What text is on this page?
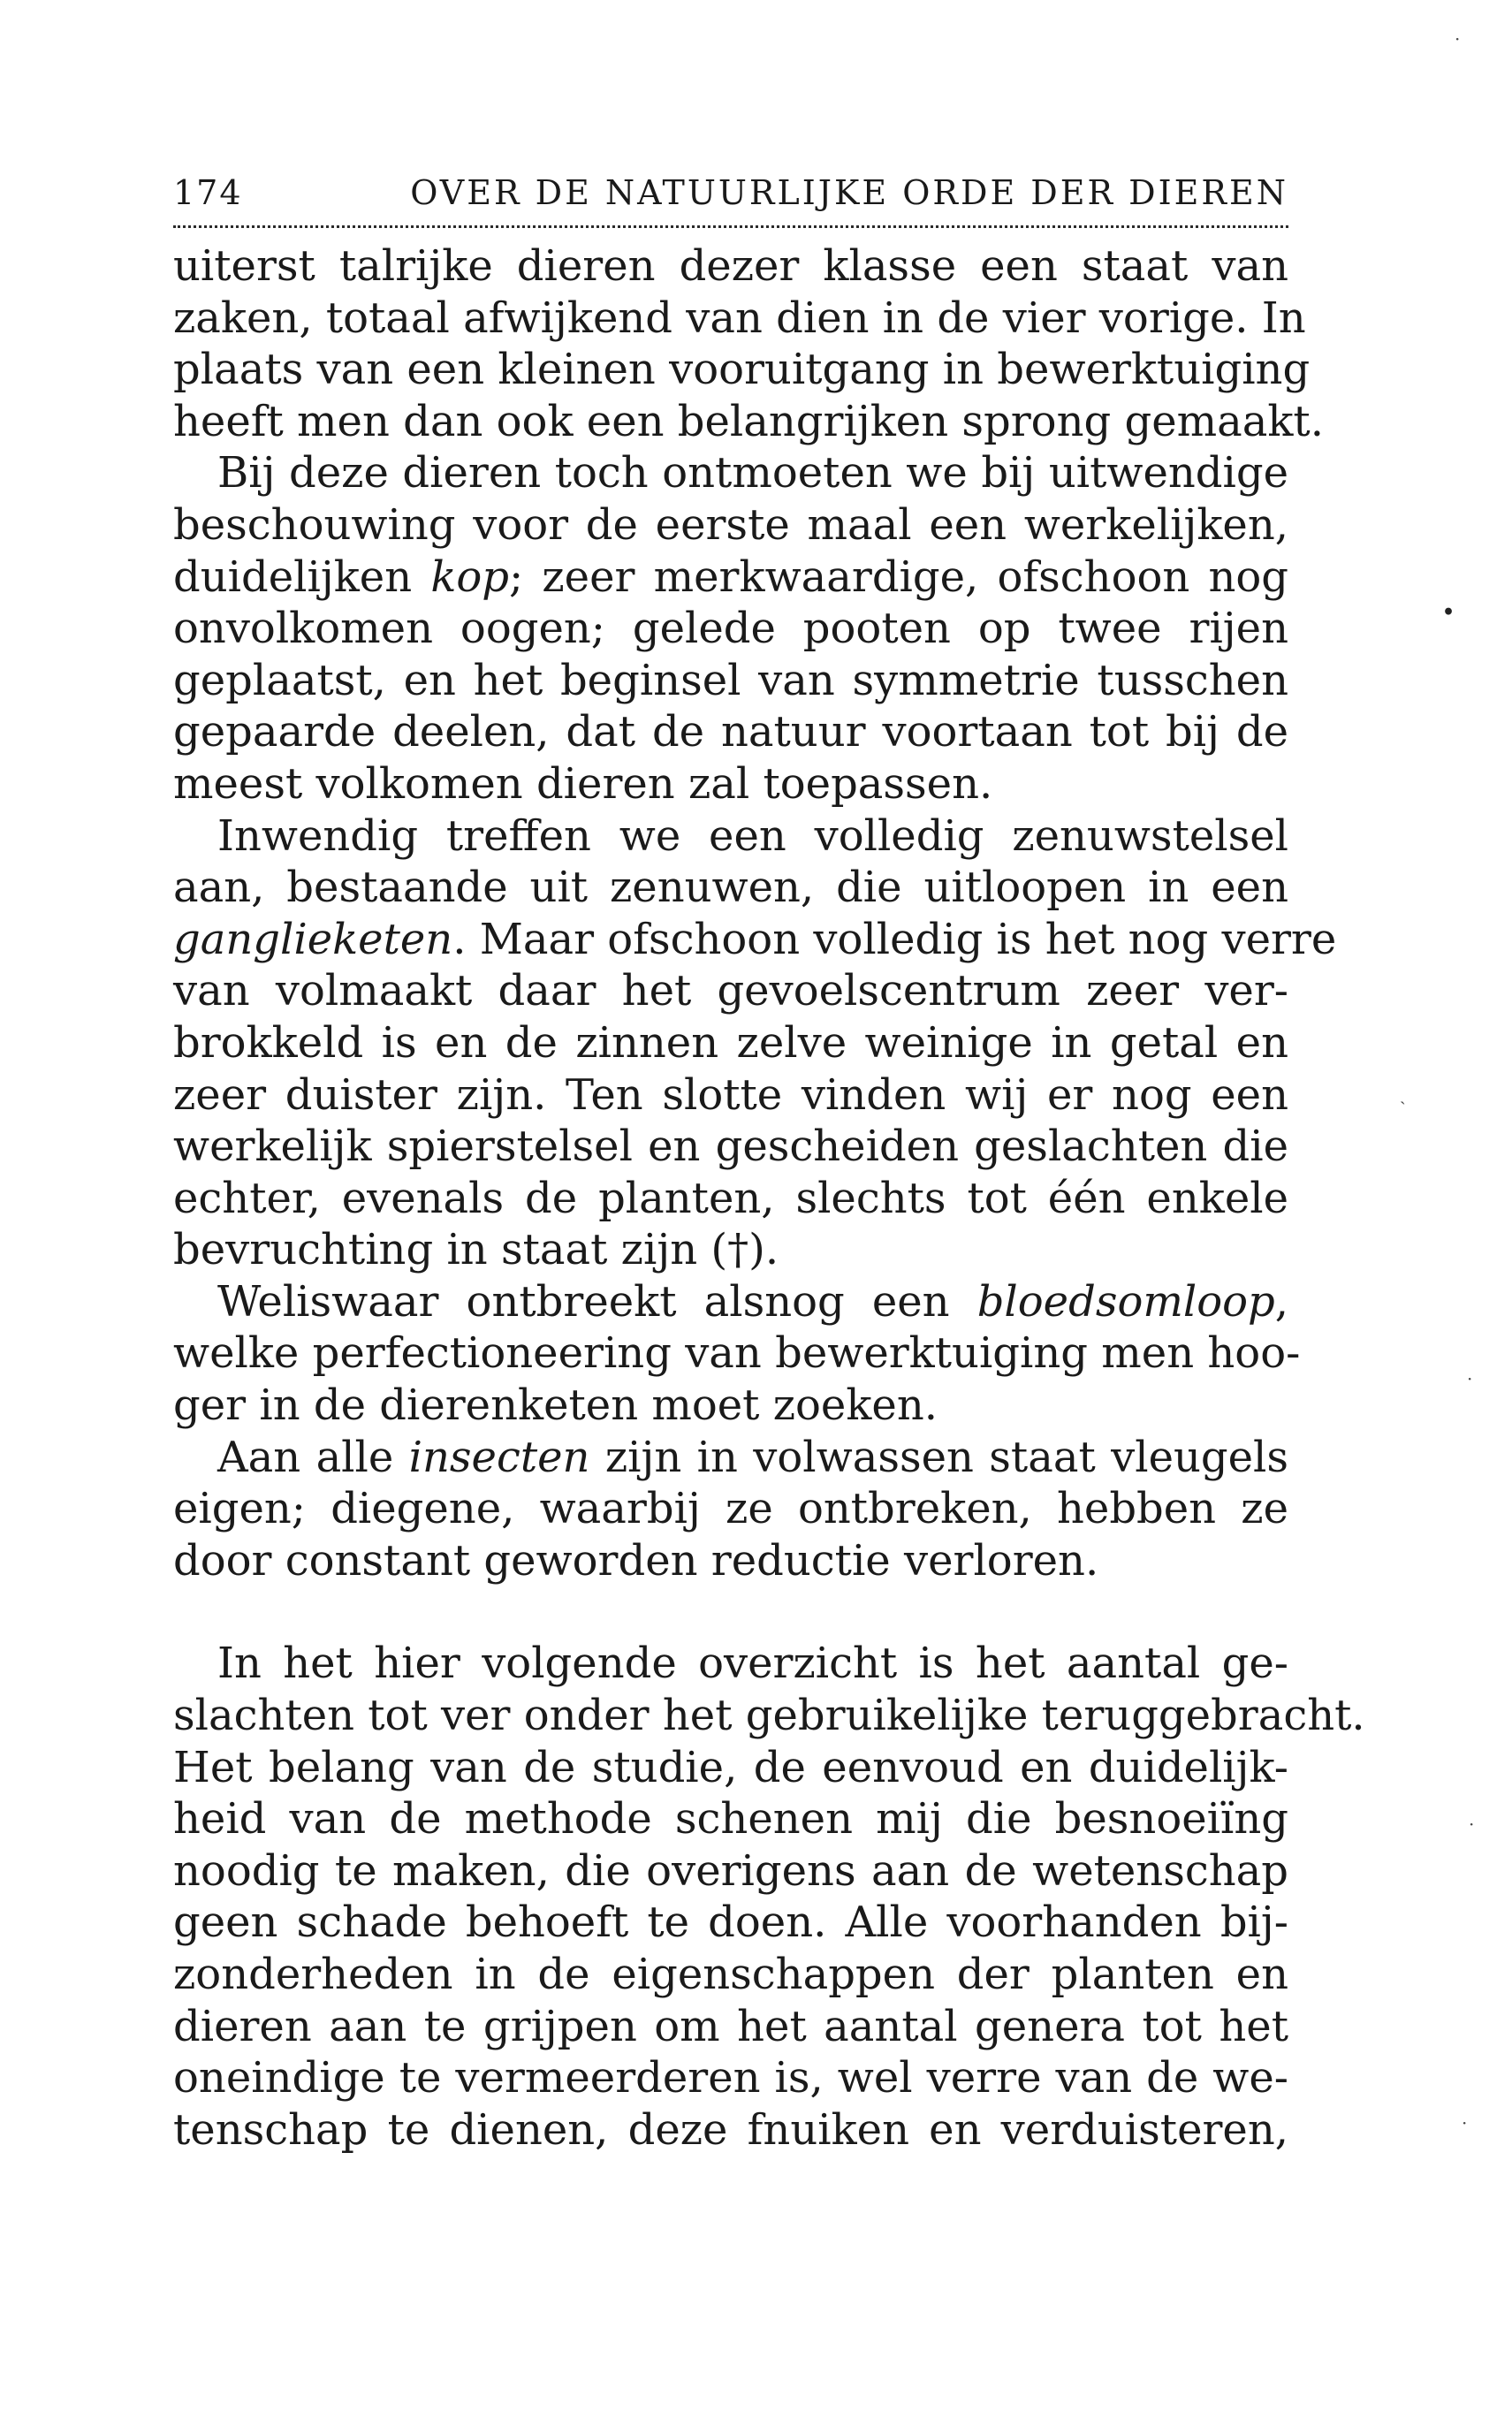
174	OVER DE NATUURLIJKE ORDE DER DIEREN
uiterst talrijke dieren dezer klasse een staat van
zaken, totaal afwijkend van dien in de vier vorige. In
plaats van een kleinen vooruitgang in bewerktuiging
heeft men dan ook een belangrijken sprong gemaakt.
Bij deze dieren toch ontmoeten we bij uitwendige
beschouwing voor de eerste maal een werkelijken,
duidelijken kop; zeer merkwaardige, ofschoon nog
onvolkomen oogen; gelede pooten op twee rijen
geplaatst, en het beginsel van symmetrie tusschen
gepaarde deelen, dat de natuur voortaan tot bij de
meest volkomen dieren zal toepassen.
Inwendig treffen we een volledig zenuwstelsel
aan, bestaande uit zenuwen, die uitloopen in een
ganglieketen. Maar ofschoon volledig is het nog verre
van volmaakt daar het gevoelscentrum zeer ver-
brokkeld is en de zinnen zelve weinige in getal en
zeer duister zijn. Ten slotte vinden wij er nog een
werkelijk spierstelsel en gescheiden geslachten die
echter, evenals de planten, slechts tot één enkele
bevruchting in staat zijn (†).
Weliswaar ontbreekt alsnog een bloedsomloop,
welke perfectioneering van bewerktuiging men hoo-
ger in de dierenketen moet zoeken.
Aan alle insecten zijn in volwassen staat vleugels
eigen; diegene, waarbij ze ontbreken, hebben ze
door constant geworden reductie verloren.
In het hier volgende overzicht is het aantal ge-
slachten tot ver onder het gebruikelijke teruggebracht.
Het belang van de studie, de eenvoud en duidelijk-
heid van de methode schenen mij die besnoeiïng
noodig te maken, die overigens aan de wetenschap
geen schade behoeft te doen. Alle voorhanden bij-
zonderheden in de eigenschappen der planten en
dieren aan te grijpen om het aantal genera tot het
oneindige te vermeerderen is, wel verre van de we-
tenschap te dienen, deze fnuiken en verduisteren,
·
•
ˎ
·
·
·
